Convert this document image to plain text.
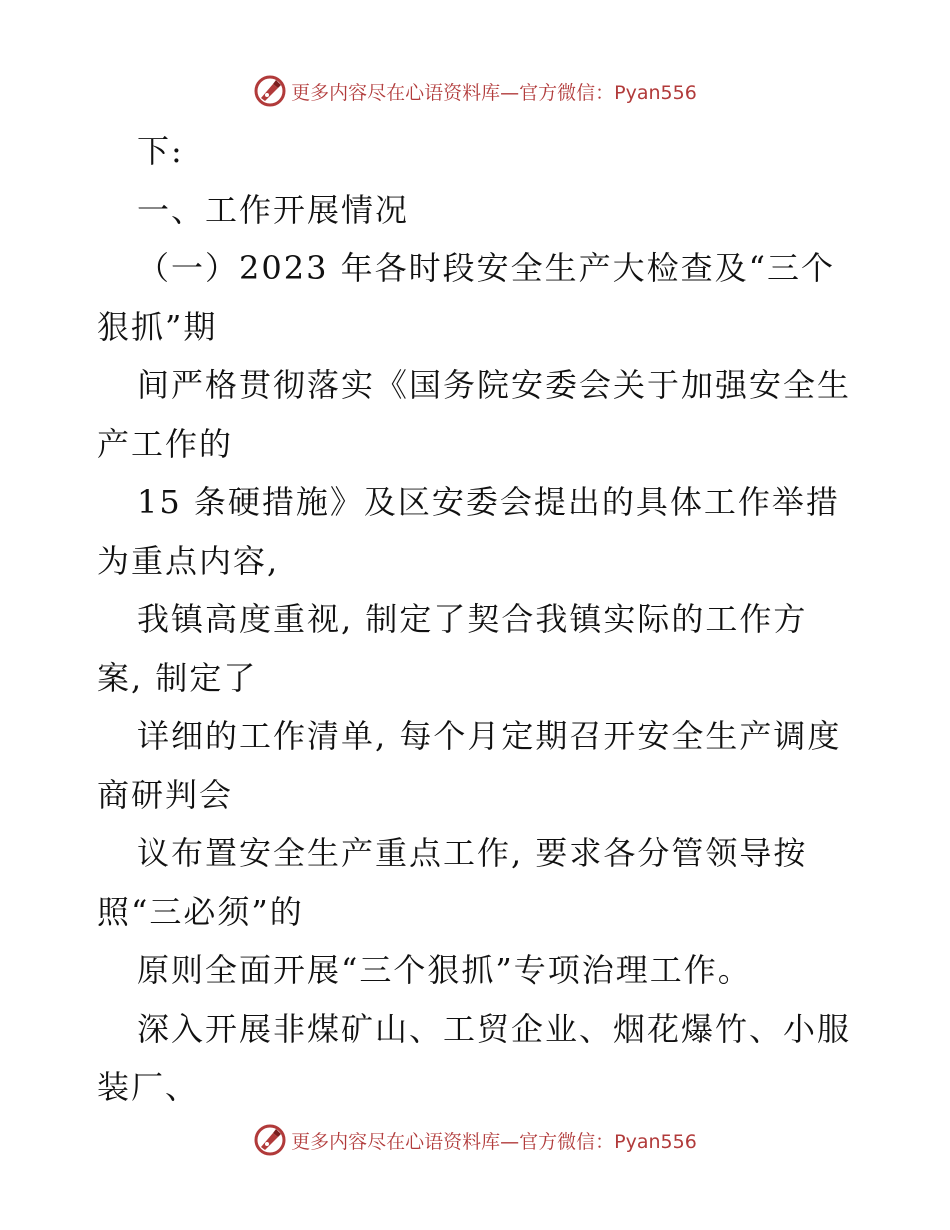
更多内容尽在心语资料库—官方微信：Pyan556
下:
一、工作开展情况
（一）2023 年各时段安全生产大检查及“三个
狠抓”期
间严格贯彻落实《国务院安委会关于加强安全生
产工作的
15 条硬措施》及区安委会提出的具体工作举措
为重点内容,
我镇高度重视, 制定了契合我镇实际的工作方
案, 制定了
详细的工作清单, 每个月定期召开安全生产调度
商研判会
议布置安全生产重点工作, 要求各分管领导按
照“三必须”的
原则全面开展“三个狠抓”专项治理工作。
深入开展非煤矿山、工贸企业、烟花爆竹、小服
装厂、
更多内容尽在心语资料库—官方微信：Pyan556
